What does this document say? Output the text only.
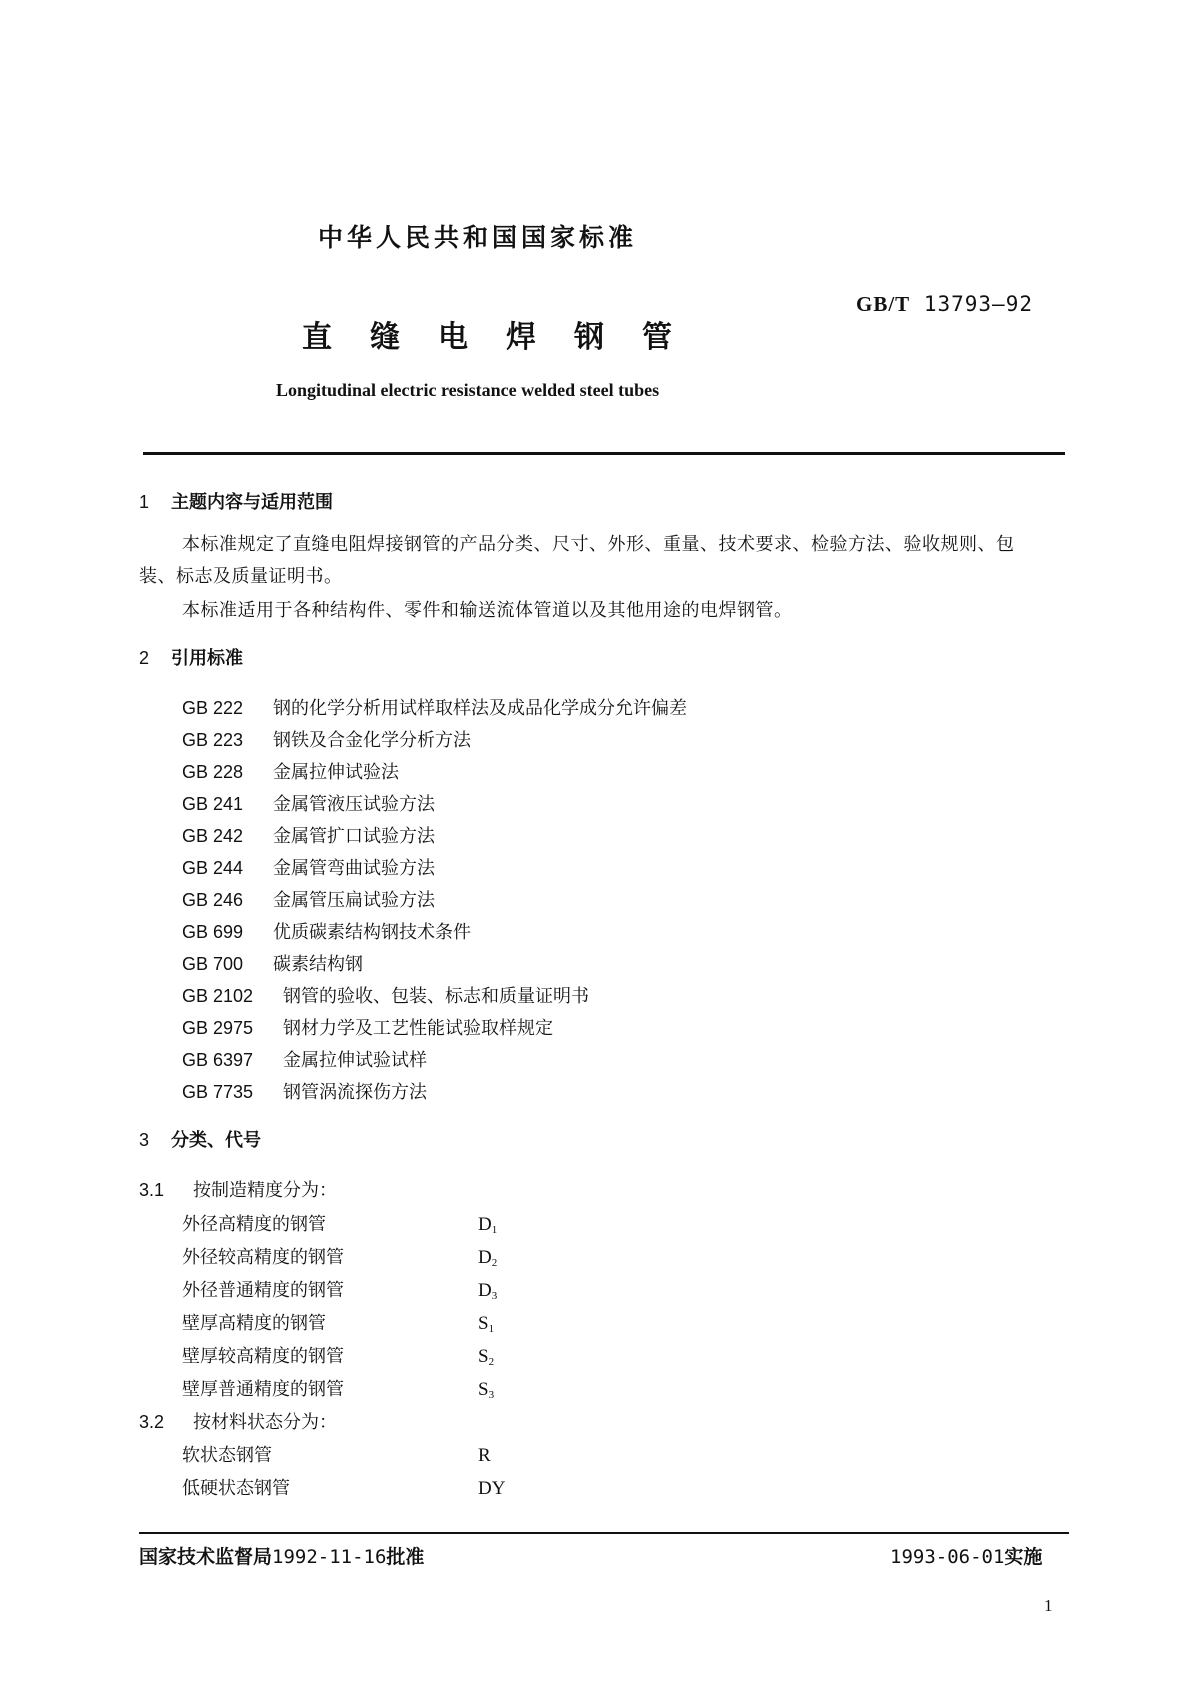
中华人民共和国国家标准
GB/T 13793—92
直缝电焊钢管
Longitudinal electric resistance welded steel tubes
1 主题内容与适用范围
本标准规定了直缝电阻焊接钢管的产品分类、尺寸、外形、重量、技术要求、检验方法、验收规则、包
装、标志及质量证明书。
本标准适用于各种结构件、零件和输送流体管道以及其他用途的电焊钢管。
2 引用标准
GB 222 钢的化学分析用试样取样法及成品化学成分允许偏差
GB 223 钢铁及合金化学分析方法
GB 228 金属拉伸试验法
GB 241 金属管液压试验方法
GB 242 金属管扩口试验方法
GB 244 金属管弯曲试验方法
GB 246 金属管压扁试验方法
GB 699 优质碳素结构钢技术条件
GB 700 碳素结构钢
GB 2102 钢管的验收、包装、标志和质量证明书
GB 2975 钢材力学及工艺性能试验取样规定
GB 6397 金属拉伸试验试样
GB 7735 钢管涡流探伤方法
3 分类、代号
3.1 按制造精度分为：
外径高精度的钢管	$D_1$
外径较高精度的钢管	$D_2$
外径普通精度的钢管	$D_3$
壁厚高精度的钢管	$S_1$
壁厚较高精度的钢管	$S_2$
壁厚普通精度的钢管	$S_3$
3.2 按材料状态分为：
软状态钢管	R
低硬状态钢管	DY
国家技术监督局1992-11-16批准	1993-06-01实施
1
